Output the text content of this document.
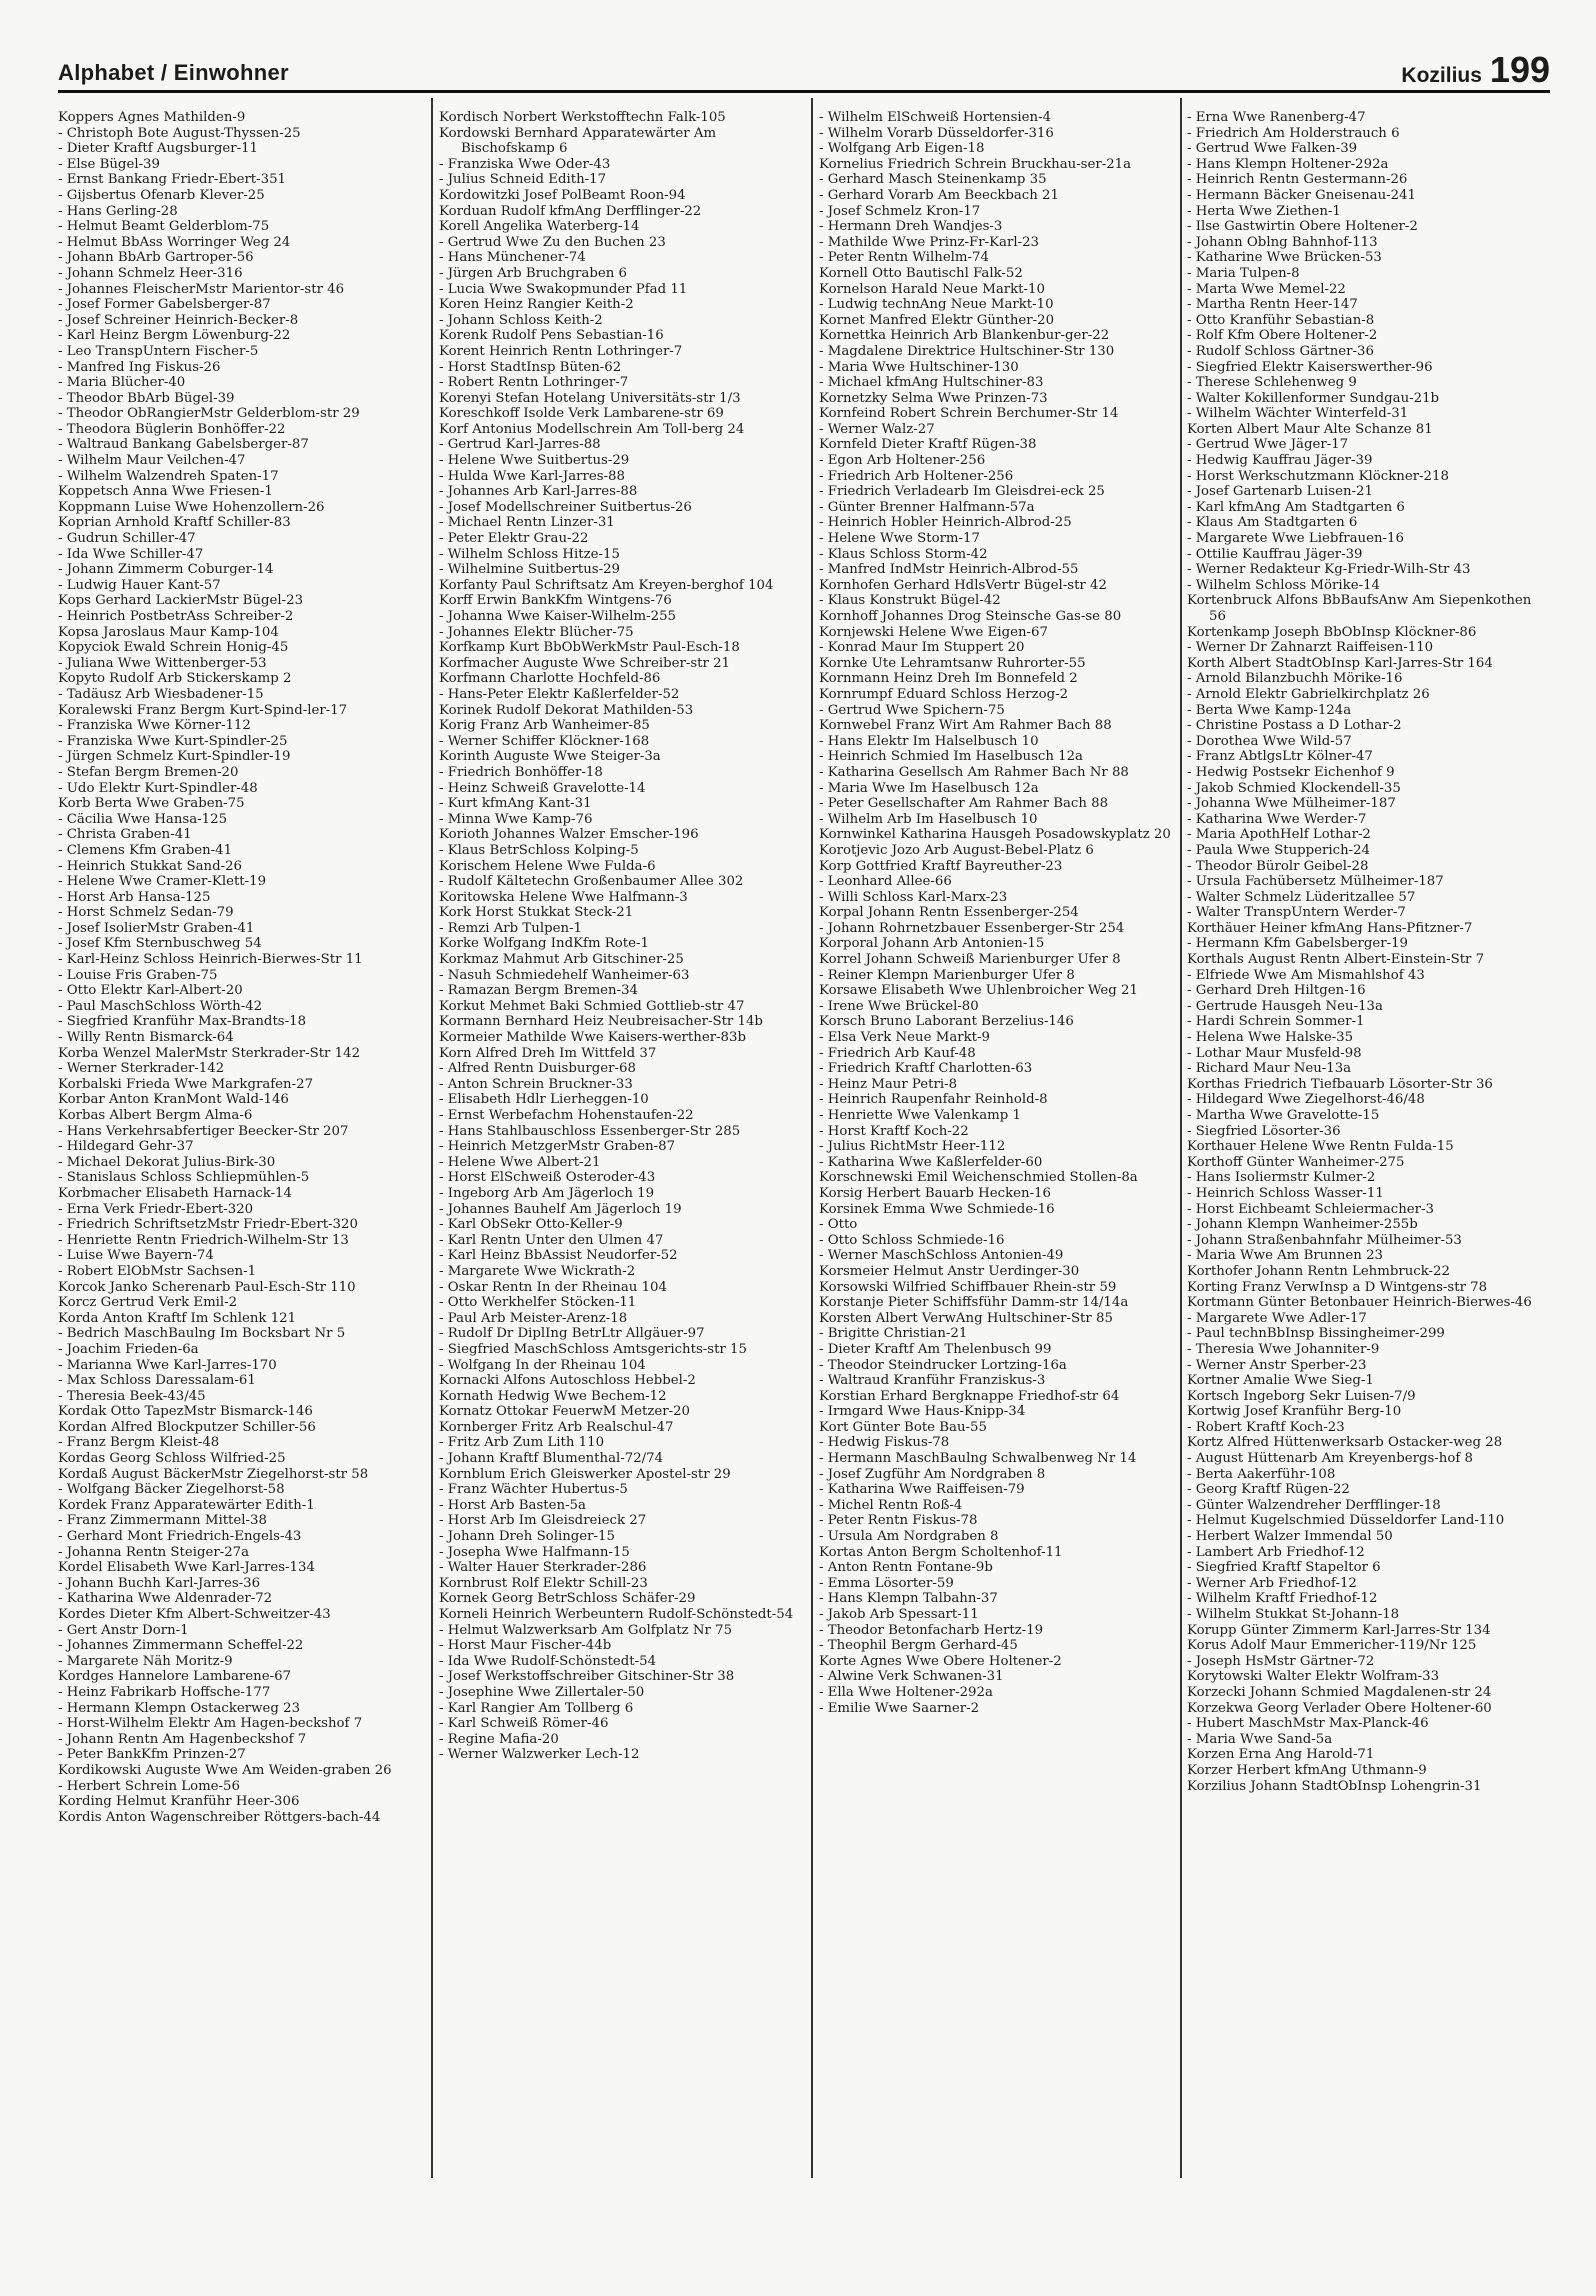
Alphabet / Einwohner	Kozilius 199

Koppers Agnes Mathilden-9

- Christoph Bote August-Thyssen-25

- Dieter Kraftf Augsburger-11

- Else Bügel-39

- Ernst Bankang Friedr-Ebert-351

- Gijsbertus Ofenarb Klever-25

- Hans Gerling-28

- Helmut Beamt Gelderblom-75

- Helmut BbAss Worringer Weg 24

- Johann BbArb Gartroper-56

- Johann Schmelz Heer-316

- Johannes FleischerMstr Marientor-str 46

- Josef Former Gabelsberger-87

- Josef Schreiner Heinrich-Becker-8

- Karl Heinz Bergm Löwenburg-22

- Leo TranspUntern Fischer-5

- Manfred Ing Fiskus-26

- Maria Blücher-40

- Theodor BbArb Bügel-39

- Theodor ObRangierMstr Gelderblom-str 29

- Theodora Büglerin Bonhöffer-22

- Waltraud Bankang Gabelsberger-87

- Wilhelm Maur Veilchen-47

- Wilhelm Walzendreh Spaten-17

Koppetsch Anna Wwe Friesen-1

Koppmann Luise Wwe Hohenzollern-26

Koprian Arnhold Kraftf Schiller-83

- Gudrun Schiller-47

- Ida Wwe Schiller-47

- Johann Zimmerm Coburger-14

- Ludwig Hauer Kant-57

Kops Gerhard LackierMstr Bügel-23

- Heinrich PostbetrAss Schreiber-2

Kopsa Jaroslaus Maur Kamp-104

Kopyciok Ewald Schrein Honig-45

- Juliana Wwe Wittenberger-53

Kopyto Rudolf Arb Stickerskamp 2

- Tadäusz Arb Wiesbadener-15

Koralewski Franz Bergm Kurt-Spind-ler-17

- Franziska Wwe Körner-112

- Franziska Wwe Kurt-Spindler-25

- Jürgen Schmelz Kurt-Spindler-19

- Stefan Bergm Bremen-20

- Udo Elektr Kurt-Spindler-48

Korb Berta Wwe Graben-75

- Cäcilia Wwe Hansa-125

- Christa Graben-41

- Clemens Kfm Graben-41

- Heinrich Stukkat Sand-26

- Helene Wwe Cramer-Klett-19

- Horst Arb Hansa-125

- Horst Schmelz Sedan-79

- Josef IsolierMstr Graben-41

- Josef Kfm Sternbuschweg 54

- Karl-Heinz Schloss Heinrich-Bierwes-Str 11

- Louise Fris Graben-75

- Otto Elektr Karl-Albert-20

- Paul MaschSchloss Wörth-42

- Siegfried Kranführ Max-Brandts-18

- Willy Rentn Bismarck-64

Korba Wenzel MalerMstr Sterkrader-Str 142

- Werner Sterkrader-142

Korbalski Frieda Wwe Markgrafen-27

Korbar Anton KranMont Wald-146

Korbas Albert Bergm Alma-6

- Hans Verkehrsabfertiger Beecker-Str 207

- Hildegard Gehr-37

- Michael Dekorat Julius-Birk-30

- Stanislaus Schloss Schliepmühlen-5

Korbmacher Elisabeth Harnack-14

- Erna Verk Friedr-Ebert-320

- Friedrich SchriftsetzMstr Friedr-Ebert-320

- Henriette Rentn Friedrich-Wilhelm-Str 13

- Luise Wwe Bayern-74

- Robert ElObMstr Sachsen-1

Korcok Janko Scherenarb Paul-Esch-Str 110

Korcz Gertrud Verk Emil-2

Korda Anton Kraftf Im Schlenk 121

- Bedrich MaschBaulng Im Bocksbart Nr 5

- Joachim Frieden-6a

- Marianna Wwe Karl-Jarres-170

- Max Schloss Daressalam-61

- Theresia Beek-43/45

Kordak Otto TapezMstr Bismarck-146

Kordan Alfred Blockputzer Schiller-56

- Franz Bergm Kleist-48

Kordas Georg Schloss Wilfried-25

Kordaß August BäckerMstr Ziegelhorst-str 58

- Wolfgang Bäcker Ziegelhorst-58

Kordek Franz Apparatewärter Edith-1

- Franz Zimmermann Mittel-38

- Gerhard Mont Friedrich-Engels-43

- Johanna Rentn Steiger-27a

Kordel Elisabeth Wwe Karl-Jarres-134

- Johann Buchh Karl-Jarres-36

- Katharina Wwe Aldenrader-72

Kordes Dieter Kfm Albert-Schweitzer-43

- Gert Anstr Dorn-1

- Johannes Zimmermann Scheffel-22

- Margarete Näh Moritz-9

Kordges Hannelore Lambarene-67

- Heinz Fabrikarb Hoffsche-177

- Hermann Klempn Ostackerweg 23

- Horst-Wilhelm Elektr Am Hagen-beckshof 7

- Johann Rentn Am Hagenbeckshof 7

- Peter BankKfm Prinzen-27

Kordikowski Auguste Wwe Am Weiden-graben 26

- Herbert Schrein Lome-56

Kording Helmut Kranführ Heer-306

Kordis Anton Wagenschreiber Röttgers-bach-44

Kordisch Norbert Werkstofftechn Falk-105

Kordowski Bernhard Apparatewärter Am Bischofskamp 6

- Franziska Wwe Oder-43

- Julius Schneid Edith-17

Kordowitzki Josef PolBeamt Roon-94

Korduan Rudolf kfmAng Derfflinger-22

Korell Angelika Waterberg-14

- Gertrud Wwe Zu den Buchen 23

- Hans Münchener-74

- Jürgen Arb Bruchgraben 6

- Lucia Wwe Swakopmunder Pfad 11

Koren Heinz Rangier Keith-2

- Johann Schloss Keith-2

Korenk Rudolf Pens Sebastian-16

Korent Heinrich Rentn Lothringer-7

- Horst StadtInsp Büten-62

- Robert Rentn Lothringer-7

Korenyi Stefan Hotelang Universitäts-str 1/3

Koreschkoff Isolde Verk Lambarene-str 69

Korf Antonius Modellschrein Am Toll-berg 24

- Gertrud Karl-Jarres-88

- Helene Wwe Suitbertus-29

- Hulda Wwe Karl-Jarres-88

- Johannes Arb Karl-Jarres-88

- Josef Modellschreiner Suitbertus-26

- Michael Rentn Linzer-31

- Peter Elektr Grau-22

- Wilhelm Schloss Hitze-15

- Wilhelmine Suitbertus-29

Korfanty Paul Schriftsatz Am Kreyen-berghof 104

Korff Erwin BankKfm Wintgens-76

- Johanna Wwe Kaiser-Wilhelm-255

- Johannes Elektr Blücher-75

Korfkamp Kurt BbObWerkMstr Paul-Esch-18

Korfmacher Auguste Wwe Schreiber-str 21

Korfmann Charlotte Hochfeld-86

- Hans-Peter Elektr Kaßlerfelder-52

Korinek Rudolf Dekorat Mathilden-53

Korig Franz Arb Wanheimer-85

- Werner Schiffer Klöckner-168

Korinth Auguste Wwe Steiger-3a

- Friedrich Bonhöffer-18

- Heinz Schweiß Gravelotte-14

- Kurt kfmAng Kant-31

- Minna Wwe Kamp-76

Korioth Johannes Walzer Emscher-196

- Klaus BetrSchloss Kolping-5

Korischem Helene Wwe Fulda-6

- Rudolf Kältetechn Großenbaumer Allee 302

Koritowska Helene Wwe Halfmann-3

Kork Horst Stukkat Steck-21

- Remzi Arb Tulpen-1

Korke Wolfgang IndKfm Rote-1

Korkmaz Mahmut Arb Gitschiner-25

- Nasuh Schmiedehelf Wanheimer-63

- Ramazan Bergm Bremen-34

Korkut Mehmet Baki Schmied Gottlieb-str 47

Kormann Bernhard Heiz Neubreisacher-Str 14b

Kormeier Mathilde Wwe Kaisers-werther-83b

Korn Alfred Dreh Im Wittfeld 37

- Alfred Rentn Duisburger-68

- Anton Schrein Bruckner-33

- Elisabeth Hdlr Lierheggen-10

- Ernst Werbefachm Hohenstaufen-22

- Hans Stahlbauschloss Essenberger-Str 285

- Heinrich MetzgerMstr Graben-87

- Helene Wwe Albert-21

- Horst ElSchweiß Osteroder-43

- Ingeborg Arb Am Jägerloch 19

- Johannes Bauhelf Am Jägerloch 19

- Karl ObSekr Otto-Keller-9

- Karl Rentn Unter den Ulmen 47

- Karl Heinz BbAssist Neudorfer-52

- Margarete Wwe Wickrath-2

- Oskar Rentn In der Rheinau 104

- Otto Werkhelfer Stöcken-11

- Paul Arb Meister-Arenz-18

- Rudolf Dr DiplIng BetrLtr Allgäuer-97

- Siegfried MaschSchloss Amtsgerichts-str 15

- Wolfgang In der Rheinau 104

Kornacki Alfons Autoschloss Hebbel-2

Kornath Hedwig Wwe Bechem-12

Kornatz Ottokar FeuerwM Metzer-20

Kornberger Fritz Arb Realschul-47

- Fritz Arb Zum Lith 110

- Johann Kraftf Blumenthal-72/74

Kornblum Erich Gleiswerker Apostel-str 29

- Franz Wächter Hubertus-5

- Horst Arb Basten-5a

- Horst Arb Im Gleisdreieck 27

- Johann Dreh Solinger-15

- Josepha Wwe Halfmann-15

- Walter Hauer Sterkrader-286

Kornbrust Rolf Elektr Schill-23

Kornek Georg BetrSchloss Schäfer-29

Korneli Heinrich Werbeuntern Rudolf-Schönstedt-54

- Helmut Walzwerksarb Am Golfplatz Nr 75

- Horst Maur Fischer-44b

- Ida Wwe Rudolf-Schönstedt-54

- Josef Werkstoffschreiber Gitschiner-Str 38

- Josephine Wwe Zillertaler-50

- Karl Rangier Am Tollberg 6

- Karl Schweiß Römer-46

- Regine Mafia-20

- Werner Walzwerker Lech-12

- Wilhelm ElSchweiß Hortensien-4

- Wilhelm Vorarb Düsseldorfer-316

- Wolfgang Arb Eigen-18

Kornelius Friedrich Schrein Bruckhau-ser-21a

- Gerhard Masch Steinenkamp 35

- Gerhard Vorarb Am Beeckbach 21

- Josef Schmelz Kron-17

- Hermann Dreh Wandjes-3

- Mathilde Wwe Prinz-Fr-Karl-23

- Peter Rentn Wilhelm-74

Kornell Otto Bautischl Falk-52

Kornelson Harald Neue Markt-10

- Ludwig technAng Neue Markt-10

Kornet Manfred Elektr Günther-20

Kornettka Heinrich Arb Blankenbur-ger-22

- Magdalene Direktrice Hultschiner-Str 130

- Maria Wwe Hultschiner-130

- Michael kfmAng Hultschiner-83

Kornetzky Selma Wwe Prinzen-73

Kornfeind Robert Schrein Berchumer-Str 14

- Werner Walz-27

Kornfeld Dieter Kraftf Rügen-38

- Egon Arb Holtener-256

- Friedrich Arb Holtener-256

- Friedrich Verladearb Im Gleisdrei-eck 25

- Günter Brenner Halfmann-57a

- Heinrich Hobler Heinrich-Albrod-25

- Helene Wwe Storm-17

- Klaus Schloss Storm-42

- Manfred IndMstr Heinrich-Albrod-55

Kornhofen Gerhard HdlsVertr Bügel-str 42

- Klaus Konstrukt Bügel-42

Kornhoff Johannes Drog Steinsche Gas-se 80

Kornjewski Helene Wwe Eigen-67

- Konrad Maur Im Stuppert 20

Kornke Ute Lehramtsanw Ruhrorter-55

Kornmann Heinz Dreh Im Bonnefeld 2

Kornrumpf Eduard Schloss Herzog-2

- Gertrud Wwe Spichern-75

Kornwebel Franz Wirt Am Rahmer Bach 88

- Hans Elektr Im Halselbusch 10

- Heinrich Schmied Im Haselbusch 12a

- Katharina Gesellsch Am Rahmer Bach Nr 88

- Maria Wwe Im Haselbusch 12a

- Peter Gesellschafter Am Rahmer Bach 88

- Wilhelm Arb Im Haselbusch 10

Kornwinkel Katharina Hausgeh Posadowskyplatz 20

Korotjevic Jozo Arb August-Bebel-Platz 6

Korp Gottfried Kraftf Bayreuther-23

- Leonhard Allee-66

- Willi Schloss Karl-Marx-23

Korpal Johann Rentn Essenberger-254

- Johann Rohrnetzbauer Essenberger-Str 254

Korporal Johann Arb Antonien-15

Korrel Johann Schweiß Marienburger Ufer 8

- Reiner Klempn Marienburger Ufer 8

Korsawe Elisabeth Wwe Uhlenbroicher Weg 21

- Irene Wwe Brückel-80

Korsch Bruno Laborant Berzelius-146

- Elsa Verk Neue Markt-9

- Friedrich Arb Kauf-48

- Friedrich Kraftf Charlotten-63

- Heinz Maur Petri-8

- Heinrich Raupenfahr Reinhold-8

- Henriette Wwe Valenkamp 1

- Horst Kraftf Koch-22

- Julius RichtMstr Heer-112

- Katharina Wwe Kaßlerfelder-60

Korschnewski Emil Weichenschmied Stollen-8a

Korsig Herbert Bauarb Hecken-16

Korsinek Emma Wwe Schmiede-16

- Otto

- Otto Schloss Schmiede-16

- Werner MaschSchloss Antonien-49

Korsmeier Helmut Anstr Uerdinger-30

Korsowski Wilfried Schiffbauer Rhein-str 59

Korstanje Pieter Schiffsführ Damm-str 14/14a

Korsten Albert VerwAng Hultschiner-Str 85

- Brigitte Christian-21

- Dieter Kraftf Am Thelenbusch 99

- Theodor Steindrucker Lortzing-16a

- Waltraud Kranführ Franziskus-3

Korstian Erhard Bergknappe Friedhof-str 64

- Irmgard Wwe Haus-Knipp-34

Kort Günter Bote Bau-55

- Hedwig Fiskus-78

- Hermann MaschBaulng Schwalbenweg Nr 14

- Josef Zugführ Am Nordgraben 8

- Katharina Wwe Raiffeisen-79

- Michel Rentn Roß-4

- Peter Rentn Fiskus-78

- Ursula Am Nordgraben 8

Kortas Anton Bergm Scholtenhof-11

- Anton Rentn Fontane-9b

- Emma Lösorter-59

- Hans Klempn Talbahn-37

- Jakob Arb Spessart-11

- Theodor Betonfacharb Hertz-19

- Theophil Bergm Gerhard-45

Korte Agnes Wwe Obere Holtener-2

- Alwine Verk Schwanen-31

- Ella Wwe Holtener-292a

- Emilie Wwe Saarner-2

- Erna Wwe Ranenberg-47

- Friedrich Am Holderstrauch 6

- Gertrud Wwe Falken-39

- Hans Klempn Holtener-292a

- Heinrich Rentn Gestermann-26

- Hermann Bäcker Gneisenau-241

- Herta Wwe Ziethen-1

- Ilse Gastwirtin Obere Holtener-2

- Johann Oblng Bahnhof-113

- Katharine Wwe Brücken-53

- Maria Tulpen-8

- Marta Wwe Memel-22

- Martha Rentn Heer-147

- Otto Kranführ Sebastian-8

- Rolf Kfm Obere Holtener-2

- Rudolf Schloss Gärtner-36

- Siegfried Elektr Kaiserswerther-96

- Therese Schlehenweg 9

- Walter Kokillenformer Sundgau-21b

- Wilhelm Wächter Winterfeld-31

Korten Albert Maur Alte Schanze 81

- Gertrud Wwe Jäger-17

- Hedwig Kauffrau Jäger-39

- Horst Werkschutzmann Klöckner-218

- Josef Gartenarb Luisen-21

- Karl kfmAng Am Stadtgarten 6

- Klaus Am Stadtgarten 6

- Margarete Wwe Liebfrauen-16

- Ottilie Kauffrau Jäger-39

- Werner Redakteur Kg-Friedr-Wilh-Str 43

- Wilhelm Schloss Mörike-14

Kortenbruck Alfons BbBaufsAnw Am Siepenkothen 56

Kortenkamp Joseph BbObInsp Klöckner-86

- Werner Dr Zahnarzt Raiffeisen-110

Korth Albert StadtObInsp Karl-Jarres-Str 164

- Arnold Bilanzbuchh Mörike-16

- Arnold Elektr Gabrielkirchplatz 26

- Berta Wwe Kamp-124a

- Christine Postass a D Lothar-2

- Dorothea Wwe Wild-57

- Franz AbtlgsLtr Kölner-47

- Hedwig Postsekr Eichenhof 9

- Jakob Schmied Klockendell-35

- Johanna Wwe Mülheimer-187

- Katharina Wwe Werder-7

- Maria ApothHelf Lothar-2

- Paula Wwe Stupperich-24

- Theodor Bürolr Geibel-28

- Ursula Fachübersetz Mülheimer-187

- Walter Schmelz Lüderitzallee 57

- Walter TranspUntern Werder-7

Korthäuer Heiner kfmAng Hans-Pfitzner-7

- Hermann Kfm Gabelsberger-19

Korthals August Rentn Albert-Einstein-Str 7

- Elfriede Wwe Am Mismahlshof 43

- Gerhard Dreh Hiltgen-16

- Gertrude Hausgeh Neu-13a

- Hardi Schrein Sommer-1

- Helena Wwe Halske-35

- Lothar Maur Musfeld-98

- Richard Maur Neu-13a

Korthas Friedrich Tiefbauarb Lösorter-Str 36

- Hildegard Wwe Ziegelhorst-46/48

- Martha Wwe Gravelotte-15

- Siegfried Lösorter-36

Korthauer Helene Wwe Rentn Fulda-15

Korthoff Günter Wanheimer-275

- Hans Isoliermstr Kulmer-2

- Heinrich Schloss Wasser-11

- Horst Eichbeamt Schleiermacher-3

- Johann Klempn Wanheimer-255b

- Johann Straßenbahnfahr Mülheimer-53

- Maria Wwe Am Brunnen 23

Korthofer Johann Rentn Lehmbruck-22

Korting Franz VerwInsp a D Wintgens-str 78

Kortmann Günter Betonbauer Heinrich-Bierwes-46

- Margarete Wwe Adler-17

- Paul technBbInsp Bissingheimer-299

- Theresia Wwe Johanniter-9

- Werner Anstr Sperber-23

Kortner Amalie Wwe Sieg-1

Kortsch Ingeborg Sekr Luisen-7/9

Kortwig Josef Kranführ Berg-10

- Robert Kraftf Koch-23

Kortz Alfred Hüttenwerksarb Ostacker-weg 28

- August Hüttenarb Am Kreyenbergs-hof 8

- Berta Aakerführ-108

- Georg Kraftf Rügen-22

- Günter Walzendreher Derfflinger-18

- Helmut Kugelschmied Düsseldorfer Land-110

- Herbert Walzer Immendal 50

- Lambert Arb Friedhof-12

- Siegfried Kraftf Stapeltor 6

- Werner Arb Friedhof-12

- Wilhelm Kraftf Friedhof-12

- Wilhelm Stukkat St-Johann-18

Korupp Günter Zimmerm Karl-Jarres-Str 134

Korus Adolf Maur Emmericher-119/Nr 125

- Joseph HsMstr Gärtner-72

Korytowski Walter Elektr Wolfram-33

Korzecki Johann Schmied Magdalenen-str 24

Korzekwa Georg Verlader Obere Holtener-60

- Hubert MaschMstr Max-Planck-46

- Maria Wwe Sand-5a

Korzen Erna Ang Harold-71

Korzer Herbert kfmAng Uthmann-9

Korzilius Johann StadtObInsp Lohengrin-31
